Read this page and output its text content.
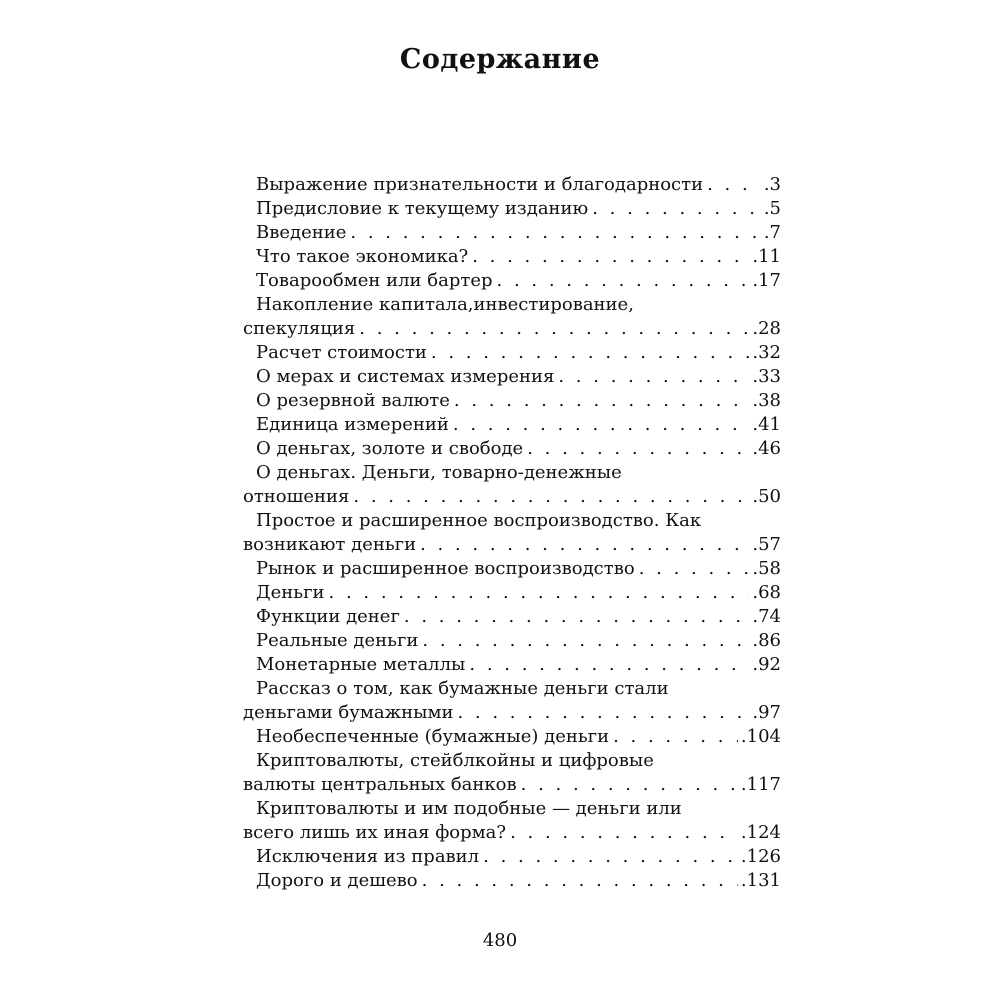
Содержание
Выражение признательности и благодарности . . .	.3
Предисловие к текущему изданию . . .	.5
Введение . . .	.7
Что такое экономика? . . .	.11
Товарообмен или бартер . . .	.17
Накопление капитала,инвестирование,
спекуляция . . .	.28
Расчет стоимости . . .	.32
О мерах и системах измерения . . .	.33
О резервной валюте . . .	.38
Единица измерений . . .	.41
О деньгах, золоте и свободе . . .	.46
О деньгах. Деньги, товарно-денежные
отношения . . .	.50
Простое и расширенное воспроизводство. Как
возникают деньги . . .	.57
Рынок и расширенное воспроизводство . . .	.58
Деньги . . .	.68
Функции денег . . .	.74
Реальные деньги . . .	.86
Монетарные металлы . . .	.92
Рассказ о том, как бумажные деньги стали
деньгами бумажными . . .	.97
Необеспеченные (бумажные) деньги . . .	.104
Криптовалюты, стейблкойны и цифровые
валюты центральных банков . . .	.117
Криптовалюты и им подобные — деньги или
всего лишь их иная форма? . . .	.124
Исключения из правил . . .	.126
Дорого и дешево . . .	.131
480
